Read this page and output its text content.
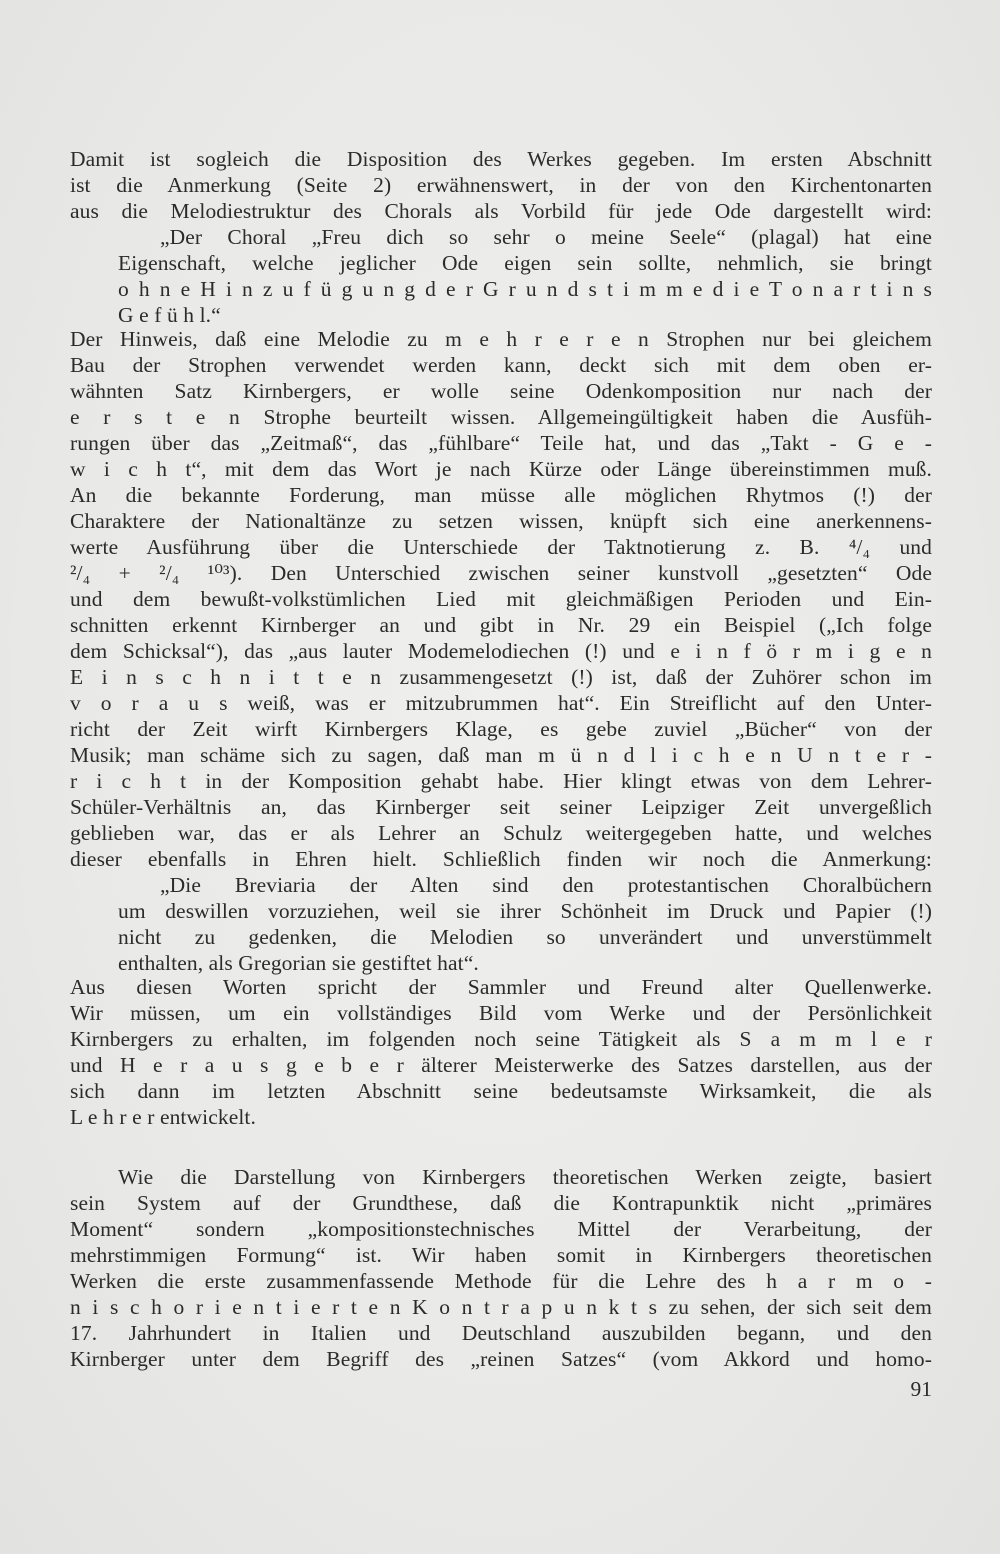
Damit ist sogleich die Disposition des Werkes gegeben. Im ersten Abschnitt
ist die Anmerkung (Seite 2) erwähnenswert, in der von den Kirchentonarten
aus die Melodiestruktur des Chorals als Vorbild für jede Ode dargestellt wird:
„Der Choral „Freu dich so sehr o meine Seele“ (plagal) hat eine
Eigenschaft, welche jeglicher Ode eigen sein sollte, nehmlich, sie bringt
o h n e H i n z u f ü g u n g d e r G r u n d s t i m m e d i e T o n a r t i n s
G e f ü h l.“
Der Hinweis, daß eine Melodie zu m e h r e r e n Strophen nur bei gleichem
Bau der Strophen verwendet werden kann, deckt sich mit dem oben er-
wähnten Satz Kirnbergers, er wolle seine Odenkomposition nur nach der
e r s t e n Strophe beurteilt wissen. Allgemeingültigkeit haben die Ausfüh-
rungen über das „Zeitmaß“, das „fühlbare“ Teile hat, und das „Takt - G e -
w i c h t“, mit dem das Wort je nach Kürze oder Länge übereinstimmen muß.
An die bekannte Forderung, man müsse alle möglichen Rhytmos (!) der
Charaktere der Nationaltänze zu setzen wissen, knüpft sich eine anerkennens-
werte Ausführung über die Unterschiede der Taktnotierung z. B. ⁴/₄ und
²/₄ + ²/₄ ¹⁰³). Den Unterschied zwischen seiner kunstvoll „gesetzten“ Ode
und dem bewußt-volkstümlichen Lied mit gleichmäßigen Perioden und Ein-
schnitten erkennt Kirnberger an und gibt in Nr. 29 ein Beispiel („Ich folge
dem Schicksal“), das „aus lauter Modemelodiechen (!) und e i n f ö r m i g e n
E i n s c h n i t t e n zusammengesetzt (!) ist, daß der Zuhörer schon im
v o r a u s weiß, was er mitzubrummen hat“. Ein Streiflicht auf den Unter-
richt der Zeit wirft Kirnbergers Klage, es gebe zuviel „Bücher“ von der
Musik; man schäme sich zu sagen, daß man m ü n d l i c h e n U n t e r -
r i c h t in der Komposition gehabt habe. Hier klingt etwas von dem Lehrer-
Schüler-Verhältnis an, das Kirnberger seit seiner Leipziger Zeit unvergeßlich
geblieben war, das er als Lehrer an Schulz weitergegeben hatte, und welches
dieser ebenfalls in Ehren hielt. Schließlich finden wir noch die Anmerkung:
„Die Breviaria der Alten sind den protestantischen Choralbüchern
um deswillen vorzuziehen, weil sie ihrer Schönheit im Druck und Papier (!)
nicht zu gedenken, die Melodien so unverändert und unverstümmelt
enthalten, als Gregorian sie gestiftet hat“.
Aus diesen Worten spricht der Sammler und Freund alter Quellenwerke.
Wir müssen, um ein vollständiges Bild vom Werke und der Persönlichkeit
Kirnbergers zu erhalten, im folgenden noch seine Tätigkeit als S a m m l e r
und H e r a u s g e b e r älterer Meisterwerke des Satzes darstellen, aus der
sich dann im letzten Abschnitt seine bedeutsamste Wirksamkeit, die als
L e h r e r entwickelt.
Wie die Darstellung von Kirnbergers theoretischen Werken zeigte, basiert
sein System auf der Grundthese, daß die Kontrapunktik nicht „primäres
Moment“ sondern „kompositionstechnisches Mittel der Verarbeitung, der
mehrstimmigen Formung“ ist. Wir haben somit in Kirnbergers theoretischen
Werken die erste zusammenfassende Methode für die Lehre des h a r m o -
n i s c h o r i e n t i e r t e n K o n t r a p u n k t s zu sehen, der sich seit dem
17. Jahrhundert in Italien und Deutschland auszubilden begann, und den
Kirnberger unter dem Begriff des „reinen Satzes“ (vom Akkord und homo-
91
